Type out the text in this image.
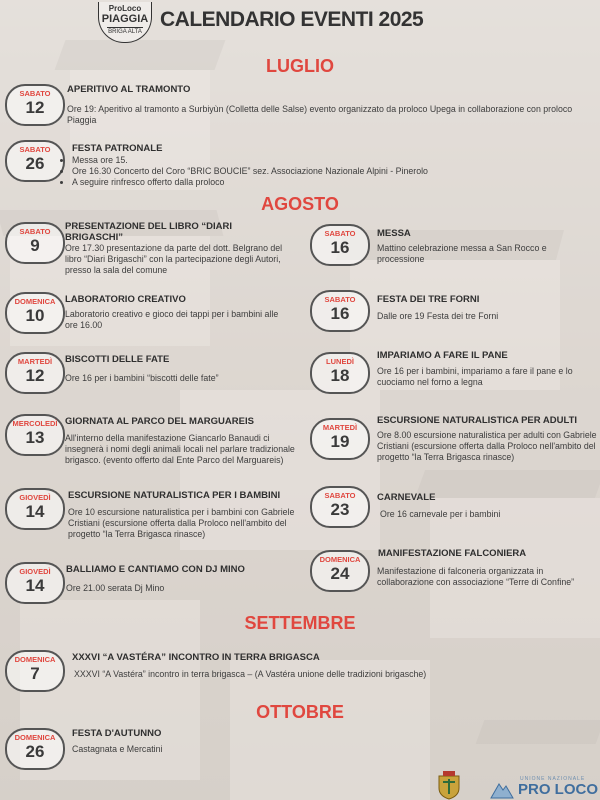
ProLoco
PIAGGIA
BRIGA ALTA
CALENDARIO EVENTI 2025
LUGLIO
SABATO
12
APERITIVO AL TRAMONTO

Ore 19: Aperitivo al tramonto a Surbiyùn (Colletta delle Salse) evento organizzato da proloco Upega in collaborazione con proloco Piaggia

SABATO
26
FESTA PATRONALE
• Messa ore 15.
• Ore 16.30 Concerto del Coro “BRIC BOUCIE” sez. Associazione Nazionale Alpini - Pinerolo
• A seguire rinfresco offerto dalla proloco
AGOSTO
SABATO
9
PRESENTAZIONE DEL LIBRO “DIARI BRIGASCHI”

Ore 17.30 presentazione da parte del dott. Belgrano del libro “Diari Brigaschi” con la partecipazione degli Autori, presso la sala del comune

DOMENICA
10
LABORATORIO CREATIVO

Laboratorio creativo e gioco dei tappi per i bambini alle ore 16.00

MARTEDÌ
12
BISCOTTI DELLE FATE

Ore 16 per i bambini “biscotti delle fate”

MERCOLEDÌ
13
GIORNATA AL PARCO DEL MARGUAREIS

All'interno della manifestazione Giancarlo Banaudi ci insegnerà i nomi degli animali locali nel parlare tradizionale brigasco. (evento offerto dal Ente Parco del Marguareis)

GIOVEDÌ
14
ESCURSIONE NATURALISTICA PER I BAMBINI

Ore 10 escursione naturalistica per i bambini con Gabriele Cristiani (escursione offerta dalla Proloco nell'ambito del progetto “la Terra Brigasca rinasce)

GIOVEDÌ
14
BALLIAMO E CANTIAMO CON DJ MINO

Ore 21.00 serata Dj Mino

SABATO
16
MESSA

Mattino celebrazione messa a San Rocco e processione

SABATO
16
FESTA DEI TRE FORNI

Dalle ore 19 Festa dei tre Forni

LUNEDÌ
18
IMPARIAMO A FARE IL PANE

Ore 16 per i bambini, impariamo a fare il pane e lo cuociamo nel forno a legna

MARTEDÌ
19
ESCURSIONE NATURALISTICA PER ADULTI

Ore 8.00 escursione naturalistica per adulti con Gabriele Cristiani (escursione offerta dalla Proloco nell'ambito del progetto “la Terra Brigasca rinasce)

SABATO
23
CARNEVALE

Ore 16 carnevale per i bambini

DOMENICA
24
MANIFESTAZIONE FALCONIERA

Manifestazione di falconeria organizzata in collaborazione con associazione “Terre di Confine”

SETTEMBRE
DOMENICA
7
XXXVI “A VASTÉRA” INCONTRO IN TERRA BRIGASCA

XXXVI “A Vastéra” incontro in terra brigasca – (A Vastéra unione delle tradizioni brigasche)

OTTOBRE
DOMENICA
26
FESTA D'AUTUNNO

Castagnata e Mercatini

UNIONE NAZIONALE
PRO LOCO
